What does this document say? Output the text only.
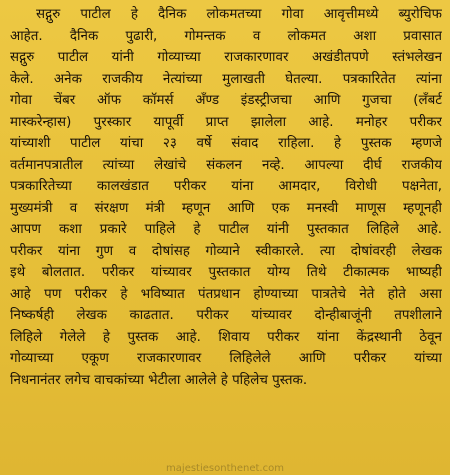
सद्गुरु पाटील हे दैनिक लोकमतच्या गोवा आवृत्तीमध्ये ब्युरोचिफ
आहेत. दैनिक पुढारी, गोमन्तक व लोकमत अशा प्रवासात
सद्गुरु पाटील यांनी गोव्याच्या राजकारणावर अखंडीतपणे स्तंभलेखन
केले. अनेक राजकीय नेत्यांच्या मुलाखती घेतल्या. पत्रकारितेत त्यांना
गोवा चेंबर ऑफ कॉमर्स अँण्ड इंडस्ट्रीजचा आणि गुजचा (लँबर्ट
मास्करेन्हास) पुरस्कार यापूर्वी प्राप्त झालेला आहे. मनोहर परीकर
यांच्याशी पाटील यांचा २३ वर्षे संवाद राहिला. हे पुस्तक म्हणजे
वर्तमानपत्रातील त्यांच्या लेखांचे संकलन नव्हे. आपल्या दीर्घ राजकीय
पत्रकारितेच्या कालखंडात परीकर यांना आमदार, विरोधी पक्षनेता,
मुख्यमंत्री व संरक्षण मंत्री म्हणून आणि एक मनस्वी माणूस म्हणूनही
आपण कशा प्रकारे पाहिले हे पाटील यांनी पुस्तकात लिहिले आहे.
परीकर यांना गुण व दोषांसह गोव्याने स्वीकारले. त्या दोषांवरही लेखक
इथे बोलतात. परीकर यांच्यावर पुस्तकात योग्य तिथे टीकात्मक भाष्यही
आहे पण परीकर हे भविष्यात पंतप्रधान होण्याच्या पात्रतेचे नेते होते असा
निष्कर्षही लेखक काढतात. परीकर यांच्यावर दोन्हीबाजूंनी तपशीलाने
लिहिले गेलेले हे पुस्तक आहे. शिवाय परीकर यांना केंद्रस्थानी ठेवून
गोव्याच्या एकूण राजकारणावर लिहिलेले आणि परीकर यांच्या
निधनानंतर लगेच वाचकांच्या भेटीला आलेले हे पहिलेच पुस्तक.
majestiesonthenet.com
